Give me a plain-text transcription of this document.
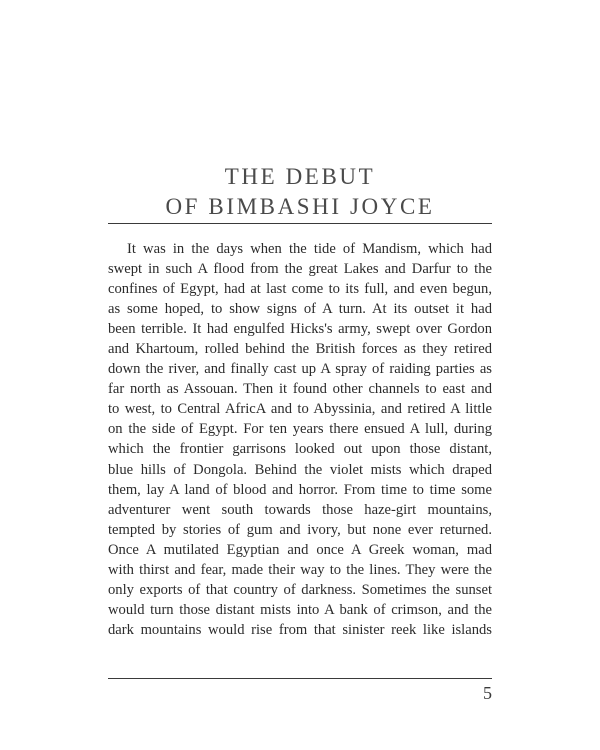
THE DEBUT
OF BIMBASHI JOYCE
It was in the days when the tide of Mandism, which had
swept in such A flood from the great Lakes and Darfur to the
confines of Egypt, had at last come to its full, and even begun,
as some hoped, to show signs of A turn. At its outset it had
been terrible. It had engulfed Hicks's army, swept over Gordon
and Khartoum, rolled behind the British forces as they retired
down the river, and finally cast up A spray of raiding parties as
far north as Assouan. Then it found other channels to east and
to west, to Central AfricA and to Abyssinia, and retired A little
on the side of Egypt. For ten years there ensued A lull, during
which the frontier garrisons looked out upon those distant,
blue hills of Dongola. Behind the violet mists which draped
them, lay A land of blood and horror. From time to time some
adventurer went south towards those haze-girt mountains,
tempted by stories of gum and ivory, but none ever returned.
Once A mutilated Egyptian and once A Greek woman, mad
with thirst and fear, made their way to the lines. They were the
only exports of that country of darkness. Sometimes the sunset
would turn those distant mists into A bank of crimson, and the
dark mountains would rise from that sinister reek like islands
5
